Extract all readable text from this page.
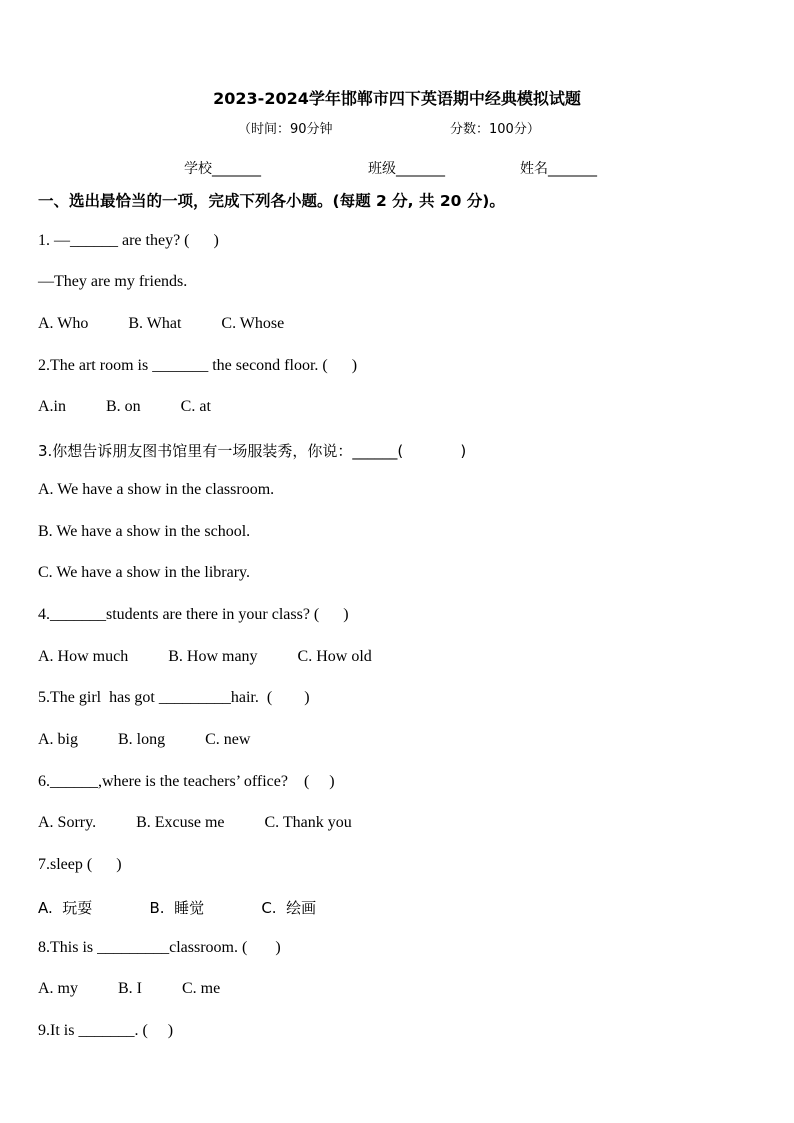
2023-2024学年邯郸市四下英语期中经典模拟试题
（时间：90分钟	分数：100分）
学校_______	班级_______	姓名_______
一、选出最恰当的一项，完成下列各小题。(每题 2 分, 共 20 分)。
1. —______ are they? (      )
—They are my friends.
A. Who          B. What          C. Whose
2.The art room is _______ the second floor. (      )
A.in          B. on          C. at
3.你想告诉朋友图书馆里有一场服装秀，你说：______(            )
A. We have a show in the classroom.
B. We have a show in the school.
C. We have a show in the library.
4._______students are there in your class? (      )
A. How much          B. How many          C. How old
5.The girl  has got _________hair.  (        )
A. big          B. long          C. new
6.______,where is the teachers’ office?    (     )
A. Sorry.          B. Excuse me          C. Thank you
7.sleep (      )
A.  玩耍            B.  睡觉            C.  绘画
8.This is _________classroom. (       )
A. my          B. I          C. me
9.It is _______. (     )
